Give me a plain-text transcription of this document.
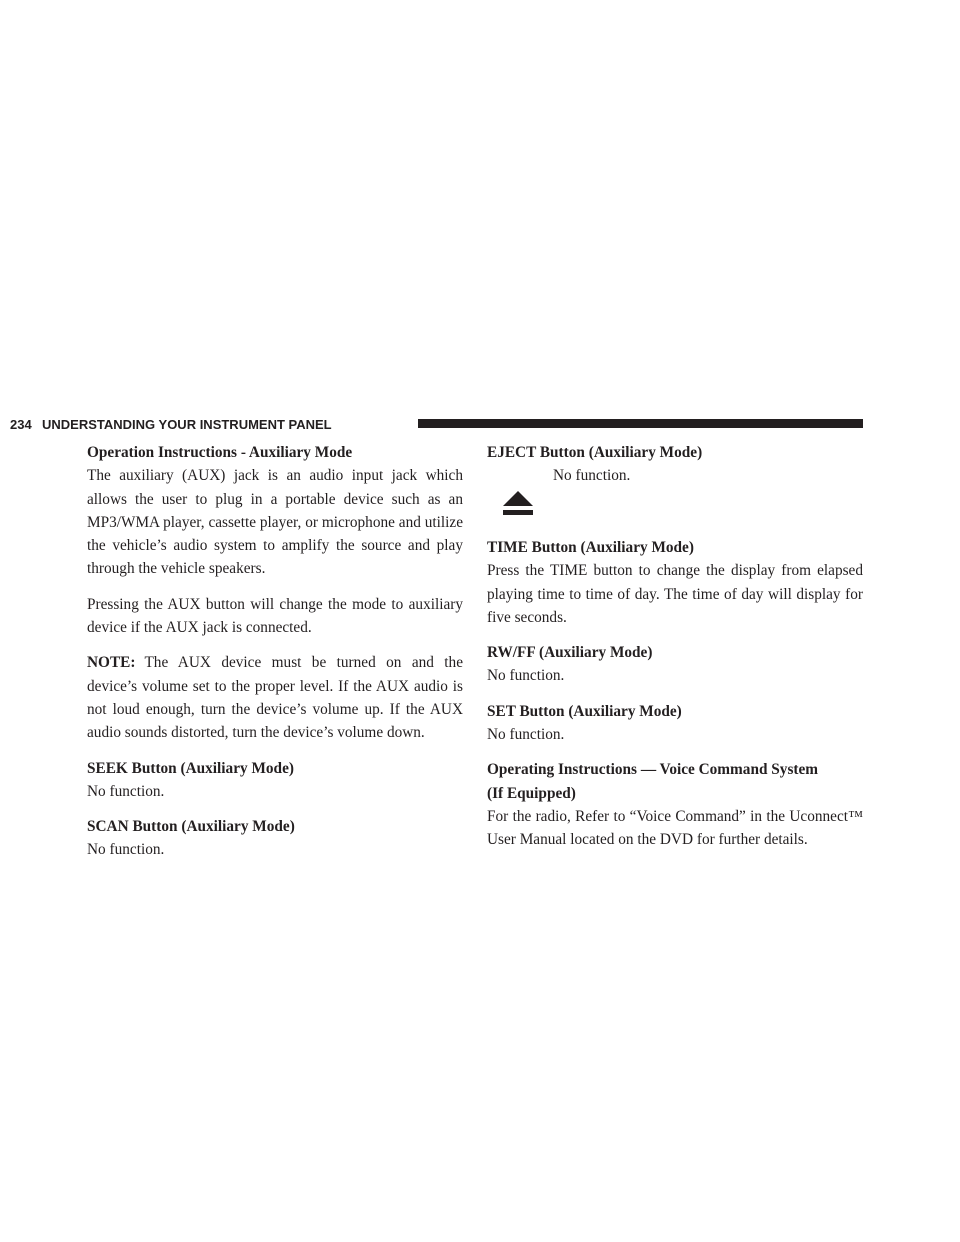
234 UNDERSTANDING YOUR INSTRUMENT PANEL
Operation Instructions - Auxiliary Mode

The auxiliary (AUX) jack is an audio input jack which allows the user to plug in a portable device such as an MP3/WMA player, cassette player, or microphone and utilize the vehicle’s audio system to amplify the source and play through the vehicle speakers.

Pressing the AUX button will change the mode to auxiliary device if the AUX jack is connected.

NOTE: The AUX device must be turned on and the device’s volume set to the proper level. If the AUX audio is not loud enough, turn the device’s volume up. If the AUX audio sounds distorted, turn the device’s volume down.

SEEK Button (Auxiliary Mode)

No function.

SCAN Button (Auxiliary Mode)

No function.

EJECT Button (Auxiliary Mode)
No function.
TIME Button (Auxiliary Mode)

Press the TIME button to change the display from elapsed playing time to time of day. The time of day will display for five seconds.

RW/FF (Auxiliary Mode)

No function.

SET Button (Auxiliary Mode)

No function.

Operating Instructions — Voice Command System
(If Equipped)

For the radio, Refer to “Voice Command” in the Uconnect™ User Manual located on the DVD for further details.
